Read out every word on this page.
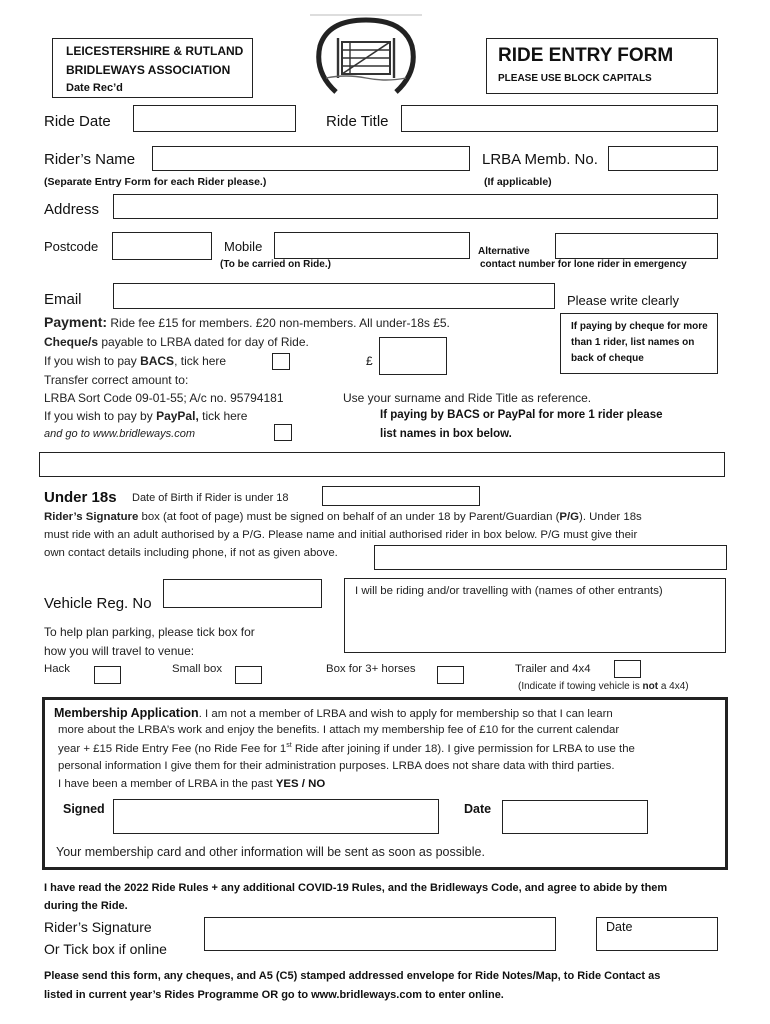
LEICESTERSHIRE & RUTLAND
BRIDLEWAYS ASSOCIATION
Date Rec’d
RIDE ENTRY FORM
PLEASE USE BLOCK CAPITALS
Ride Date	Ride Title
Rider’s Name	LRBA Memb. No.
(Separate Entry Form for each Rider please.)	(If applicable)
Address
Postcode	Mobile
(To be carried on Ride.)
Alternative
contact number for lone rider in emergency
Email	Please write clearly
Payment: Ride fee £15 for members. £20 non-members. All under-18s £5.
Cheque/s payable to LRBA dated for day of Ride.
If you wish to pay BACS, tick here	£
Transfer correct amount to:
LRBA Sort Code 09-01-55; A/c no. 95794181	Use your surname and Ride Title as reference.
If you wish to pay by PayPal, tick here
and go to www.bridleways.com
If paying by BACS or PayPal for more 1 rider please
list names in box below.
If paying by cheque for more than 1 rider, list names on back of cheque
Under 18s Date of Birth if Rider is under 18
Rider’s Signature box (at foot of page) must be signed on behalf of an under 18 by Parent/Guardian (P/G). Under 18s
must ride with an adult authorised by a P/G. Please name and initial authorised rider in box below. P/G must give their
own contact details including phone, if not as given above.
Vehicle Reg. No
I will be riding and/or travelling with (names of other entrants)
To help plan parking, please tick box for
how you will travel to venue:
Hack	Small box	Box for 3+ horses	Trailer and 4x4
(Indicate if towing vehicle is not a 4x4)
Membership Application. I am not a member of LRBA and wish to apply for membership so that I can learn
more about the LRBA’s work and enjoy the benefits. I attach my membership fee of £10 for the current calendar
year + £15 Ride Entry Fee (no Ride Fee for 1st Ride after joining if under 18). I give permission for LRBA to use the
personal information I give them for their administration purposes. LRBA does not share data with third parties.
I have been a member of LRBA in the past YES / NO
Signed	Date
Your membership card and other information will be sent as soon as possible.
I have read the 2022 Ride Rules + any additional COVID-19 Rules, and the Bridleways Code, and agree to abide by them
during the Ride.
Rider’s Signature
Or Tick box if online
Date
Please send this form, any cheques, and A5 (C5) stamped addressed envelope for Ride Notes/Map, to Ride Contact as
listed in current year’s Rides Programme OR go to www.bridleways.com to enter online.
